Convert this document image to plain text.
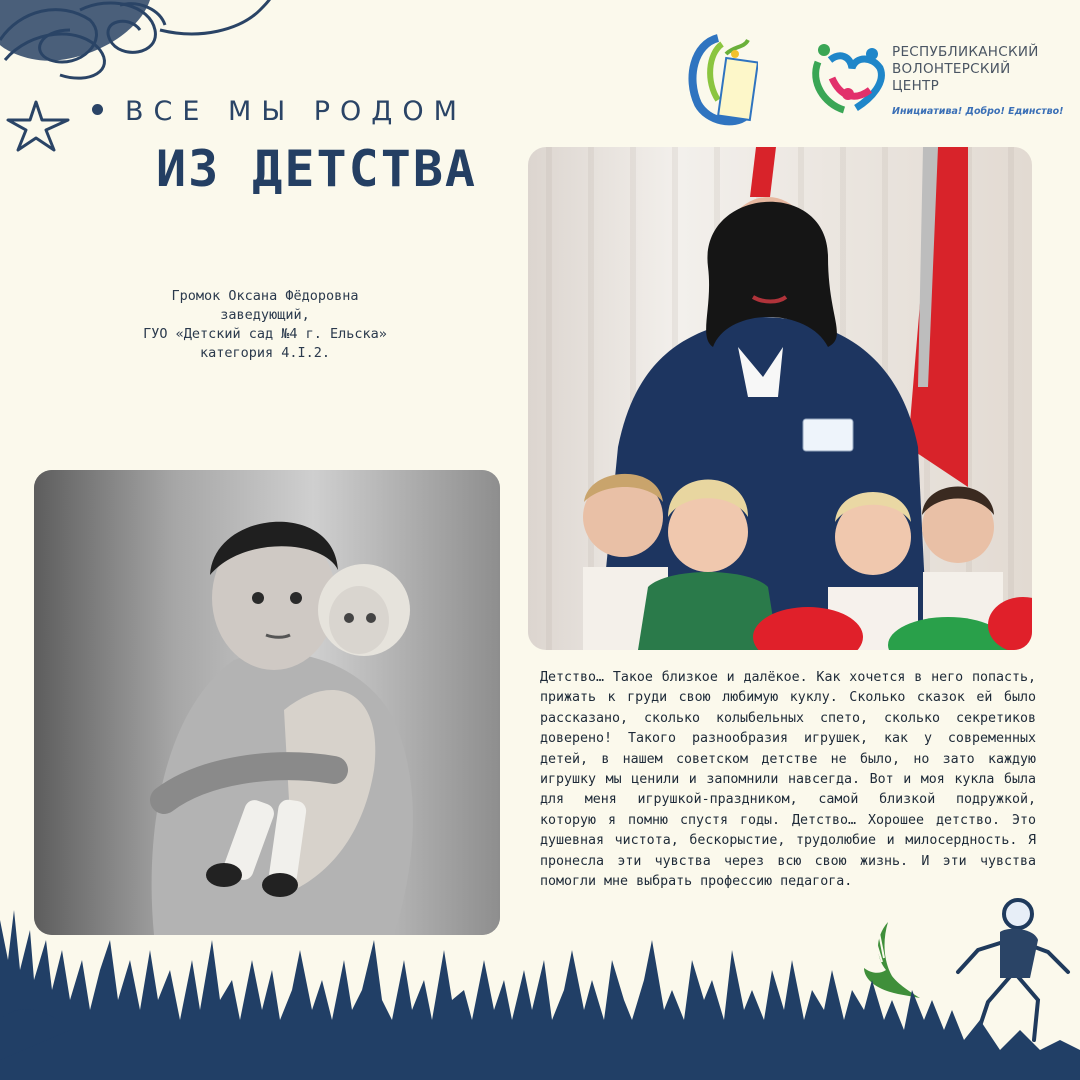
ВСЕ МЫ РОДОМ
ИЗ ДЕТСТВА
Громок Оксана Фёдоровна
заведующий,
ГУО «Детский сад №4 г. Ельска»
категория 4.I.2.
РЕСПУБЛИКАНСКИЙ
ВОЛОНТЕРСКИЙ
ЦЕНТР
Инициатива! Добро! Единство!
Детство… Такое близкое и далёкое. Как хочется в него попасть, прижать к груди свою любимую куклу. Сколько сказок ей было рассказано, сколько колыбельных спето, сколько секретиков доверено! Такого разнообразия игрушек, как у современных детей, в нашем советском детстве не было, но зато каждую игрушку мы ценили и запомнили навсегда. Вот и моя кукла была для меня игрушкой-праздником, самой близкой подружкой, которую я помню спустя годы. Детство… Хорошее детство. Это душевная чистота, бескорыстие, трудолюбие и милосердность. Я пронесла эти чувства через всю свою жизнь. И эти чувства помогли мне выбрать профессию педагога.
